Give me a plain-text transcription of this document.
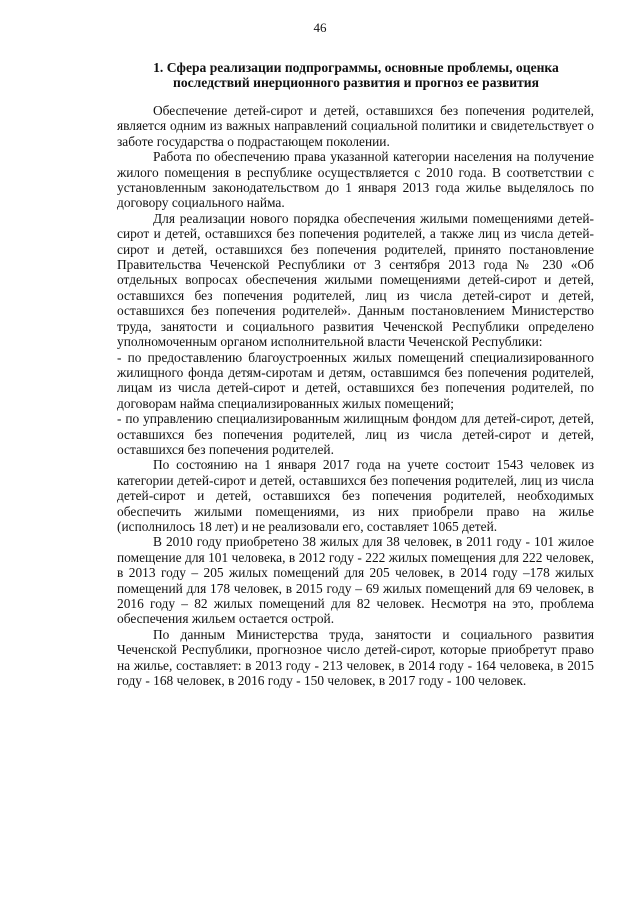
46
1. Сфера реализации подпрограммы, основные проблемы, оценка последствий инерционного развития и прогноз ее развития

Обеспечение детей-сирот и детей, оставшихся без попечения родителей, является одним из важных направлений социальной политики и свидетельствует о заботе государства о подрастающем поколении.

Работа по обеспечению права указанной категории населения на получение жилого помещения в республике осуществляется с 2010 года. В соответствии с установленным законодательством до 1 января 2013 года жилье выделялось по договору социального найма.

Для реализации нового порядка обеспечения жилыми помещениями детей-сирот и детей, оставшихся без попечения родителей, а также лиц из числа детей-сирот и детей, оставшихся без попечения родителей, принято постановление Правительства Чеченской Республики от 3 сентября 2013 года № 230 «Об отдельных вопросах обеспечения жилыми помещениями детей-сирот и детей, оставшихся без попечения родителей, лиц из числа детей-сирот и детей, оставшихся без попечения родителей». Данным постановлением Министерство труда, занятости и социального развития Чеченской Республики определено уполномоченным органом исполнительной власти Чеченской Республики:

- по предоставлению благоустроенных жилых помещений специализированного жилищного фонда детям-сиротам и детям, оставшимся без попечения родителей, лицам из числа детей-сирот и детей, оставшихся без попечения родителей, по договорам найма специализированных жилых помещений;

- по управлению специализированным жилищным фондом для детей-сирот, детей, оставшихся без попечения родителей, лиц из числа детей-сирот и детей, оставшихся без попечения родителей.

По состоянию на 1 января 2017 года на учете состоит 1543 человек из категории детей-сирот и детей, оставшихся без попечения родителей, лиц из числа детей-сирот и детей, оставшихся без попечения родителей, необходимых обеспечить жилыми помещениями, из них приобрели право на жилье (исполнилось 18 лет) и не реализовали его, составляет 1065 детей.

В 2010 году приобретено 38 жилых для 38 человек, в 2011 году - 101 жилое помещение для 101 человека, в 2012 году - 222 жилых помещения для 222 человек, в 2013 году – 205 жилых помещений для 205 человек, в 2014 году –178 жилых помещений для 178 человек, в 2015 году – 69 жилых помещений для 69 человек, в 2016 году – 82 жилых помещений для 82 человек. Несмотря на это, проблема обеспечения жильем остается острой.

По данным Министерства труда, занятости и социального развития Чеченской Республики, прогнозное число детей-сирот, которые приобретут право на жилье, составляет: в 2013 году - 213 человек, в 2014 году - 164 человека, в 2015 году - 168 человек, в 2016 году - 150 человек, в 2017 году - 100 человек.
